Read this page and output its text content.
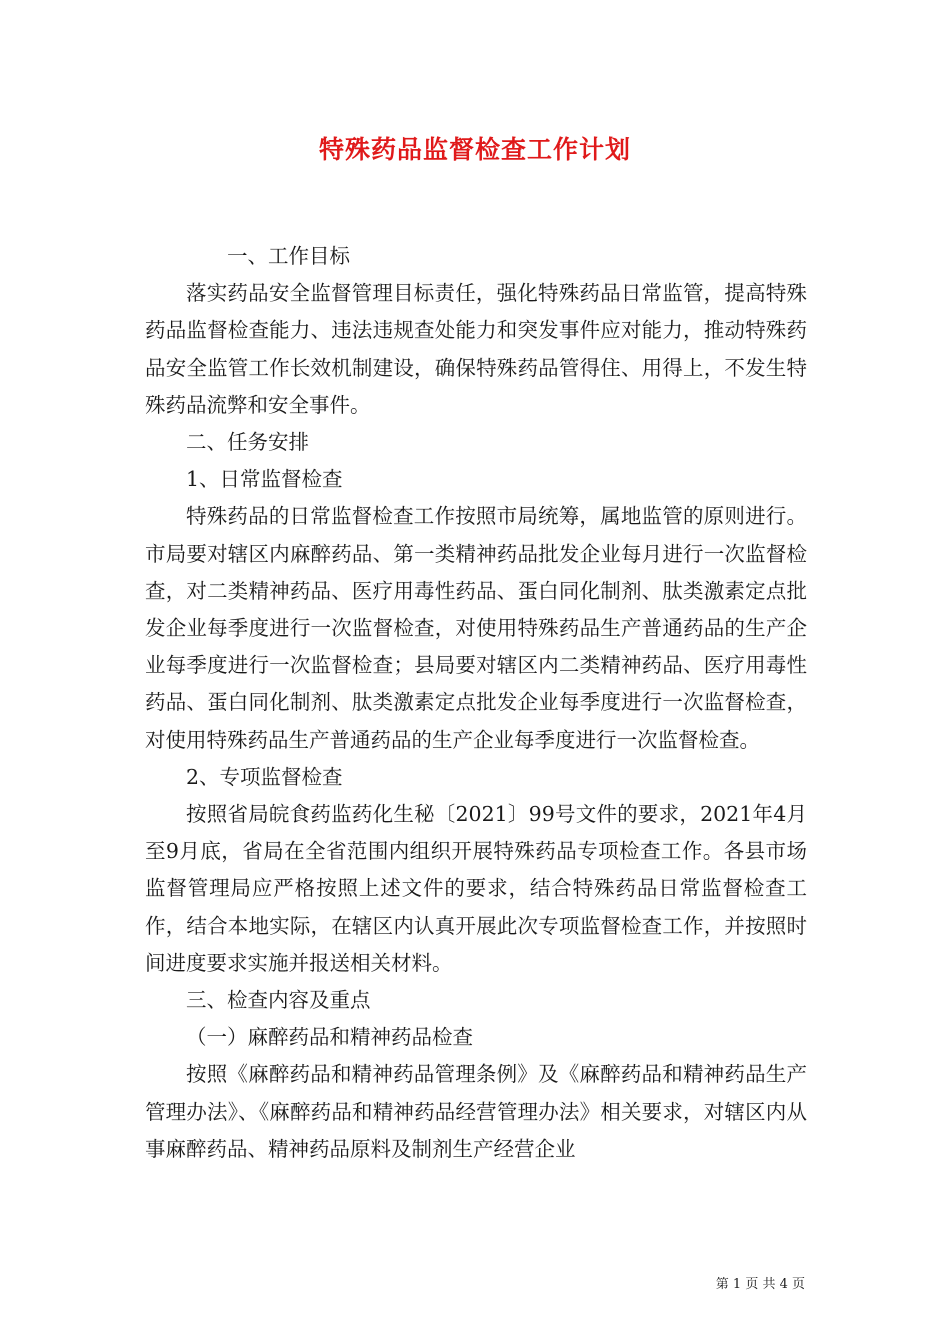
特殊药品监督检查工作计划

一、工作目标

落实药品安全监督管理目标责任，强化特殊药品日常监管，提高特殊药品监督检查能力、违法违规查处能力和突发事件应对能力，推动特殊药品安全监管工作长效机制建设，确保特殊药品管得住、用得上，不发生特殊药品流弊和安全事件。

二、任务安排

1、日常监督检查

特殊药品的日常监督检查工作按照市局统筹，属地监管的原则进行。市局要对辖区内麻醉药品、第一类精神药品批发企业每月进行一次监督检查，对二类精神药品、医疗用毒性药品、蛋白同化制剂、肽类激素定点批发企业每季度进行一次监督检查，对使用特殊药品生产普通药品的生产企业每季度进行一次监督检查；县局要对辖区内二类精神药品、医疗用毒性药品、蛋白同化制剂、肽类激素定点批发企业每季度进行一次监督检查，对使用特殊药品生产普通药品的生产企业每季度进行一次监督检查。

2、专项监督检查

按照省局皖食药监药化生秘〔2021〕99号文件的要求，2021年4月至9月底，省局在全省范围内组织开展特殊药品专项检查工作。各县市场监督管理局应严格按照上述文件的要求，结合特殊药品日常监督检查工作，结合本地实际，在辖区内认真开展此次专项监督检查工作，并按照时间进度要求实施并报送相关材料。

三、检查内容及重点

（一）麻醉药品和精神药品检查

按照《麻醉药品和精神药品管理条例》及《麻醉药品和精神药品生产管理办法》、《麻醉药品和精神药品经营管理办法》相关要求，对辖区内从事麻醉药品、精神药品原料及制剂生产经营企业

第 1 页 共 4 页
